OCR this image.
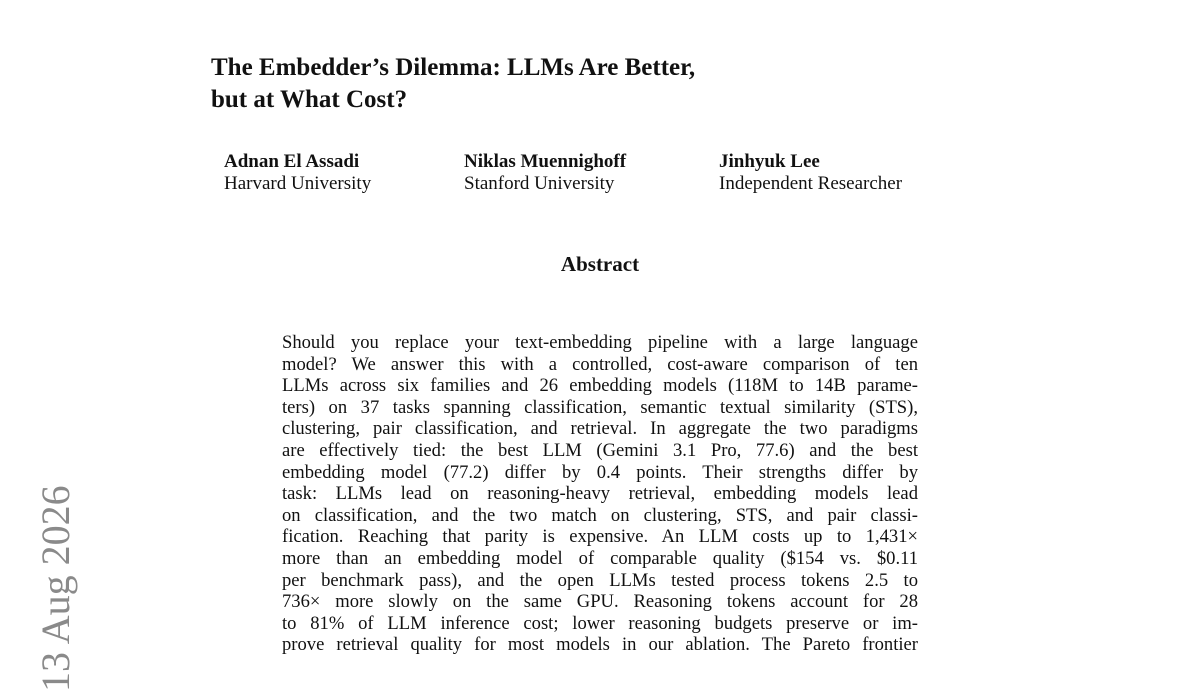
The Embedder’s Dilemma: LLMs Are Better,
but at What Cost?
Adnan El Assadi
Harvard University
Niklas Muennighoff
Stanford University
Jinhyuk Lee
Independent Researcher
Abstract
Should you replace your text-embedding pipeline with a large language
model? We answer this with a controlled, cost-aware comparison of ten
LLMs across six families and 26 embedding models (118M to 14B parame-
ters) on 37 tasks spanning classification, semantic textual similarity (STS),
clustering, pair classification, and retrieval. In aggregate the two paradigms
are effectively tied: the best LLM (Gemini 3.1 Pro, 77.6) and the best
embedding model (77.2) differ by 0.4 points. Their strengths differ by
task: LLMs lead on reasoning-heavy retrieval, embedding models lead
on classification, and the two match on clustering, STS, and pair classi-
fication. Reaching that parity is expensive. An LLM costs up to 1,431×
more than an embedding model of comparable quality ($154 vs. $0.11
per benchmark pass), and the open LLMs tested process tokens 2.5 to
736× more slowly on the same GPU. Reasoning tokens account for 28
to 81% of LLM inference cost; lower reasoning budgets preserve or im-
prove retrieval quality for most models in our ablation. The Pareto frontier
13 Aug 2026
